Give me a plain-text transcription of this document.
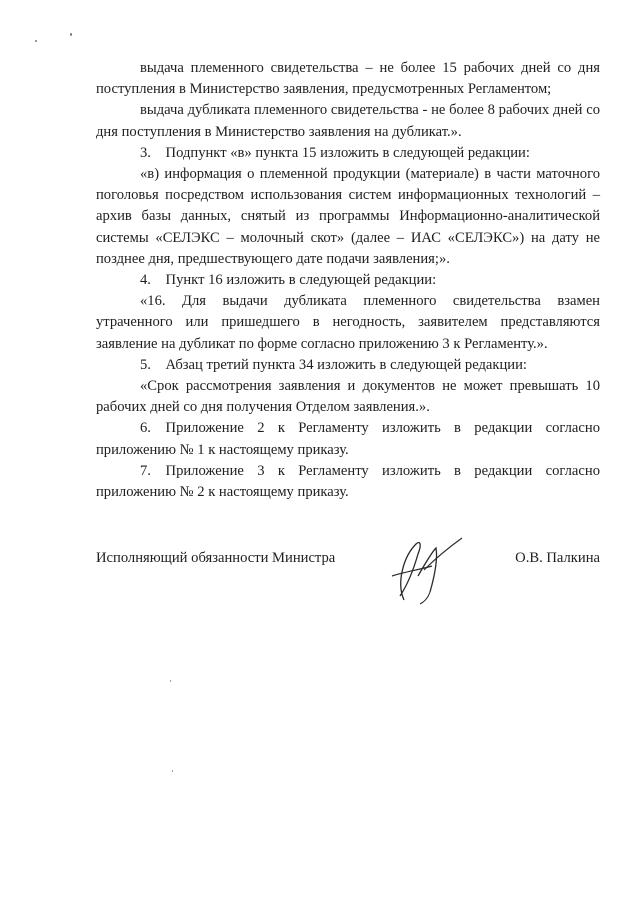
выдача племенного свидетельства – не более 15 рабочих дней со дня поступления в Министерство заявления, предусмотренных Регламентом;

выдача дубликата племенного свидетельства - не более 8 рабочих дней со дня поступления в Министерство заявления на дубликат.».

3. Подпункт «в» пункта 15 изложить в следующей редакции:

«в) информация о племенной продукции (материале) в части маточного поголовья посредством использования систем информационных технологий – архив базы данных, снятый из программы Информационно-аналитической системы «СЕЛЭКС – молочный скот» (далее – ИАС «СЕЛЭКС») на дату не позднее дня, предшествующего дате подачи заявления;».

4. Пункт 16 изложить в следующей редакции:

«16. Для выдачи дубликата племенного свидетельства взамен утраченного или пришедшего в негодность, заявителем представляются заявление на дубликат по форме согласно приложению 3 к Регламенту.».

5. Абзац третий пункта 34 изложить в следующей редакции:

«Срок рассмотрения заявления и документов не может превышать 10 рабочих дней со дня получения Отделом заявления.».

6. Приложение 2 к Регламенту изложить в редакции согласно приложению № 1 к настоящему приказу.

7. Приложение 3 к Регламенту изложить в редакции согласно приложению № 2 к настоящему приказу.

Исполняющий обязанности Министра	О.В. Палкина
